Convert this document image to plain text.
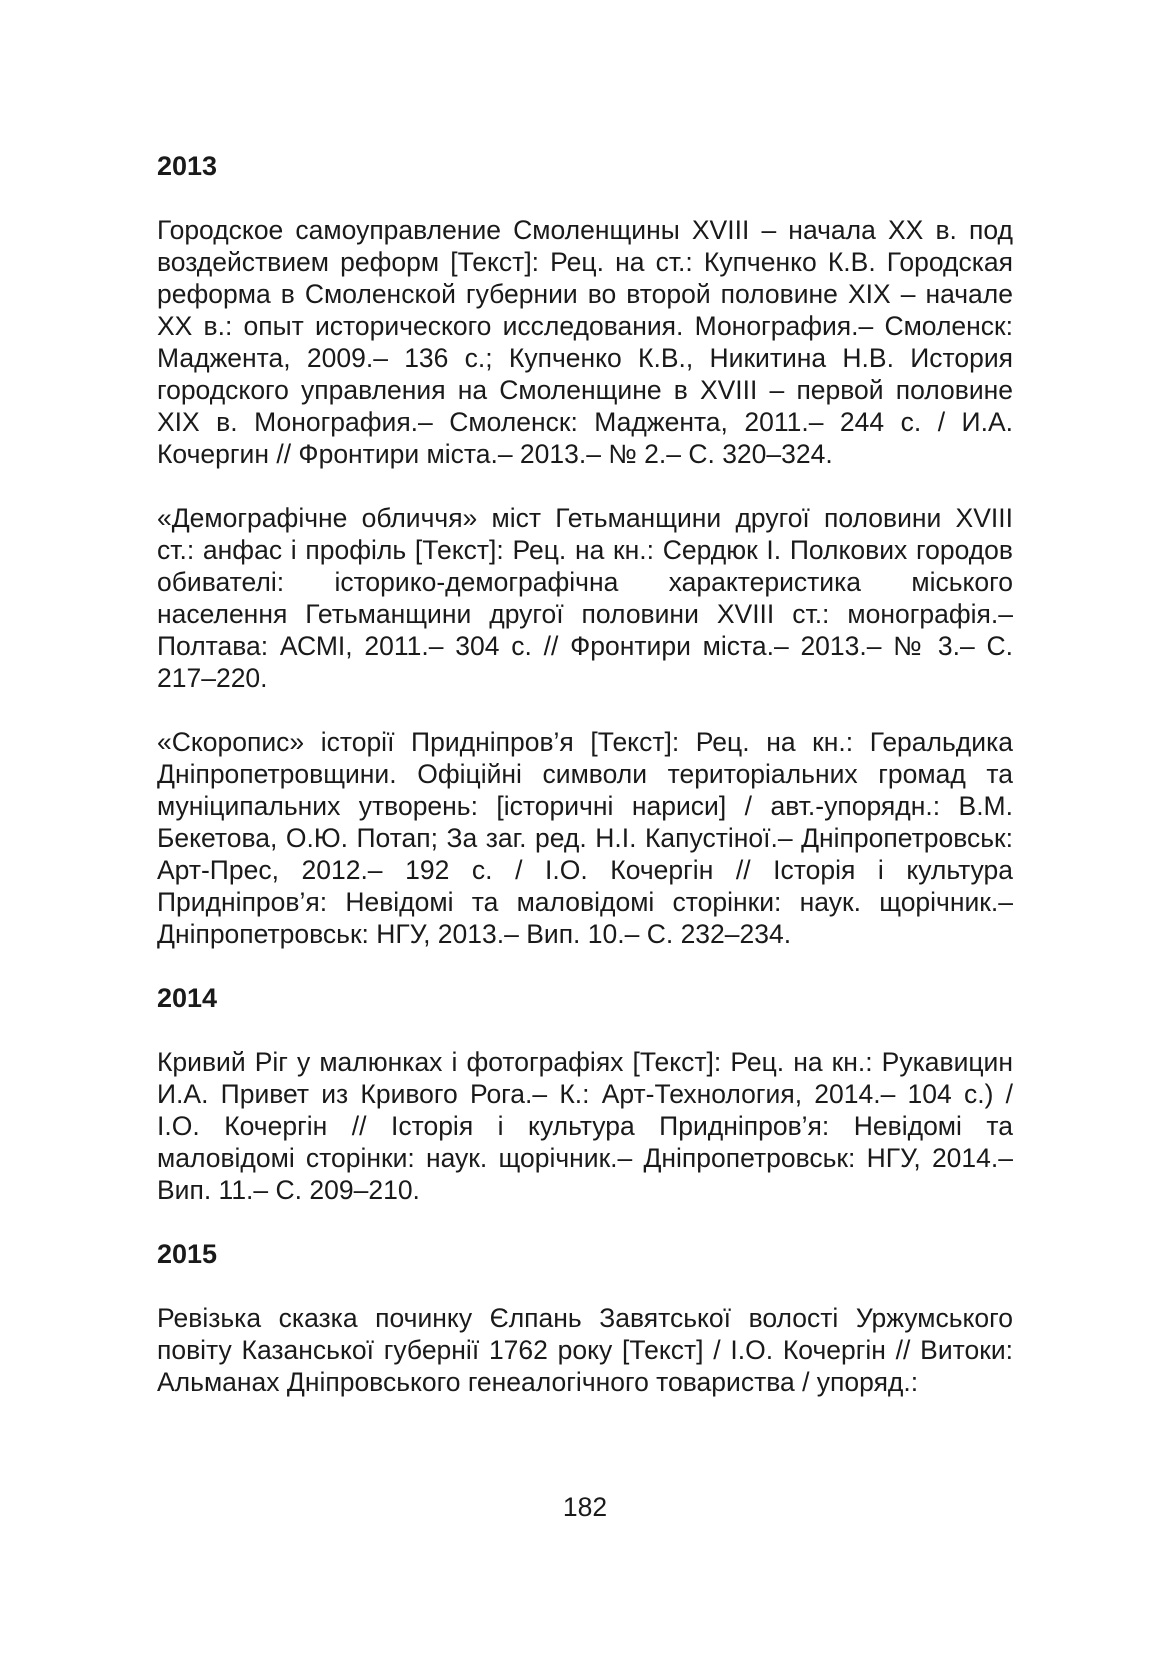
2013

Городское самоуправление Смоленщины XVIII – начала XX в. под воздействием реформ [Текст]: Рец. на ст.: Купченко К.В. Городская реформа в Смоленской губернии во второй половине XIX – начале XX в.: опыт исторического исследования. Монография.– Смоленск: Маджента, 2009.– 136 с.; Купченко К.В., Никитина Н.В. История городского управления на Смоленщине в XVIII – первой половине XIX в. Монография.– Смоленск: Маджента, 2011.– 244 с. / И.А. Кочергин // Фронтири міста.– 2013.– № 2.– С. 320–324.

«Демографічне обличчя» міст Гетьманщини другої половини XVIII ст.: анфас і профіль [Текст]: Рец. на кн.: Сердюк І. Полкових городов обивателі: історико-демографічна характеристика міського населення Гетьманщини другої половини XVIII ст.: монографія.– Полтава: АСМІ, 2011.– 304 с. // Фронтири міста.– 2013.– № 3.– С. 217–220.

«Скоропис» історії Придніпров’я [Текст]: Рец. на кн.: Геральдика Дніпропетровщини. Офіційні символи територіальних громад та муніципальних утворень: [історичні нариси] / авт.-упорядн.: В.М. Бекетова, О.Ю. Потап; За заг. ред. Н.І. Капустіної.– Дніпропетровськ: Арт-Прес, 2012.– 192 с. / І.О. Кочергін // Історія і культура Придніпров’я: Невідомі та маловідомі сторінки: наук. щорічник.– Дніпропетровськ: НГУ, 2013.– Вип. 10.– С. 232–234.

2014

Кривий Ріг у малюнках і фотографіях [Текст]: Рец. на кн.: Рукавицин И.А. Привет из Кривого Рога.– К.: Арт-Технология, 2014.– 104 с.) / І.О. Кочергін // Історія і культура Придніпров’я: Невідомі та маловідомі сторінки: наук. щорічник.– Дніпропетровськ: НГУ, 2014.– Вип. 11.– С. 209–210.

2015

Ревізька сказка починку Єлпань Завятської волості Уржумського повіту Казанської губернії 1762 року [Текст] / І.О. Кочергін // Витоки: Альманах Дніпровського генеалогічного товариства / упоряд.:

182
